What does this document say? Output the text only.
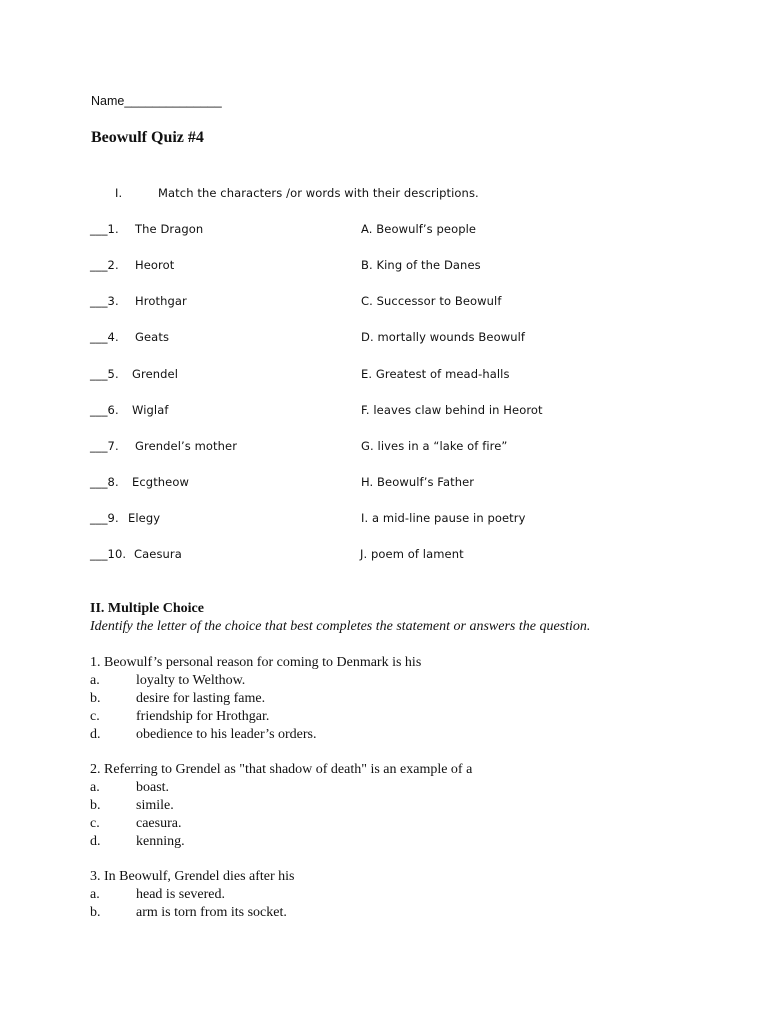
Name______________
Beowulf Quiz #4
I.	Match the characters /or words with their descriptions.
___1. The Dragon	A. Beowulf’s people
___2. Heorot	B. King of the Danes
___3. Hrothgar	C. Successor to Beowulf
___4. Geats	D. mortally wounds Beowulf
___5. Grendel	E. Greatest of mead-halls
___6. Wiglaf	F. leaves claw behind in Heorot
___7. Grendel’s mother	G. lives in a “lake of fire”
___8. Ecgtheow	H. Beowulf’s Father
___9. Elegy	I. a mid-line pause in poetry
___10. Caesura	J. poem of lament
II. Multiple Choice
Identify the letter of the choice that best completes the statement or answers the question.
1. Beowulf’s personal reason for coming to Denmark is his
a.	loyalty to Welthow.
b.	desire for lasting fame.
c.	friendship for Hrothgar.
d.	obedience to his leader’s orders.
2. Referring to Grendel as "that shadow of death" is an example of a
a.	boast.
b.	simile.
c.	caesura.
d.	kenning.
3. In Beowulf, Grendel dies after his
a.	head is severed.
b.	arm is torn from its socket.
